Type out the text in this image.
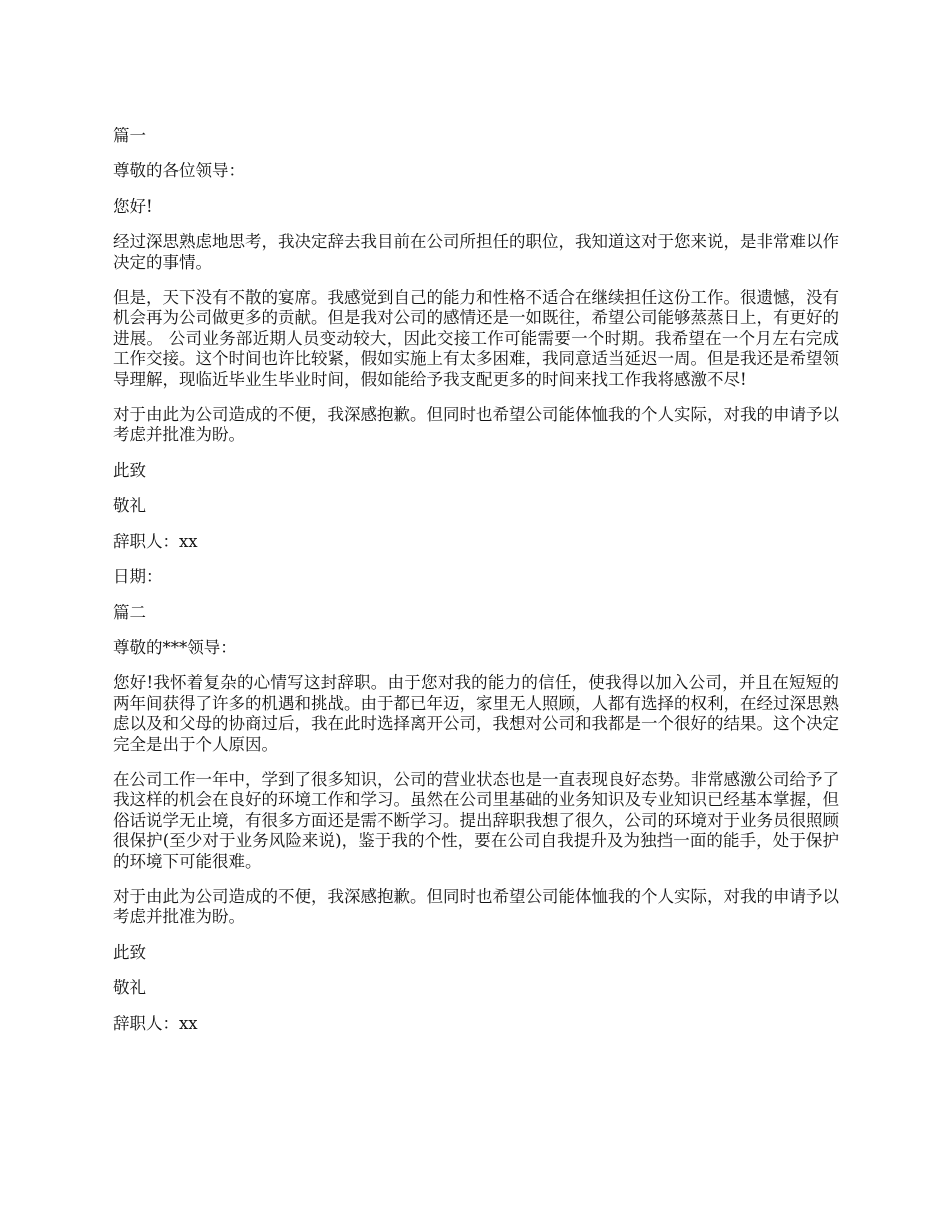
篇一

尊敬的各位领导：

您好!

经过深思熟虑地思考，我决定辞去我目前在公司所担任的职位，我知道这对于您来说，是非常难以作决定的事情。

但是，天下没有不散的宴席。我感觉到自己的能力和性格不适合在继续担任这份工作。很遗憾，没有机会再为公司做更多的贡献。但是我对公司的感情还是一如既往，希望公司能够蒸蒸日上，有更好的进展。 公司业务部近期人员变动较大，因此交接工作可能需要一个时期。我希望在一个月左右完成工作交接。这个时间也许比较紧，假如实施上有太多困难，我同意适当延迟一周。但是我还是希望领导理解，现临近毕业生毕业时间，假如能给予我支配更多的时间来找工作我将感激不尽!

对于由此为公司造成的不便，我深感抱歉。但同时也希望公司能体恤我的个人实际，对我的申请予以考虑并批准为盼。

此致

敬礼

辞职人：xx

日期：

篇二

尊敬的***领导：

您好!我怀着复杂的心情写这封辞职。由于您对我的能力的信任，使我得以加入公司，并且在短短的两年间获得了许多的机遇和挑战。由于都已年迈，家里无人照顾，人都有选择的权利，在经过深思熟虑以及和父母的协商过后，我在此时选择离开公司，我想对公司和我都是一个很好的结果。这个决定完全是出于个人原因。

在公司工作一年中，学到了很多知识，公司的营业状态也是一直表现良好态势。非常感激公司给予了我这样的机会在良好的环境工作和学习。虽然在公司里基础的业务知识及专业知识已经基本掌握，但俗话说学无止境，有很多方面还是需不断学习。提出辞职我想了很久，公司的环境对于业务员很照顾很保护(至少对于业务风险来说)，鉴于我的个性，要在公司自我提升及为独挡一面的能手，处于保护的环境下可能很难。

对于由此为公司造成的不便，我深感抱歉。但同时也希望公司能体恤我的个人实际，对我的申请予以考虑并批准为盼。

此致

敬礼

辞职人：xx
